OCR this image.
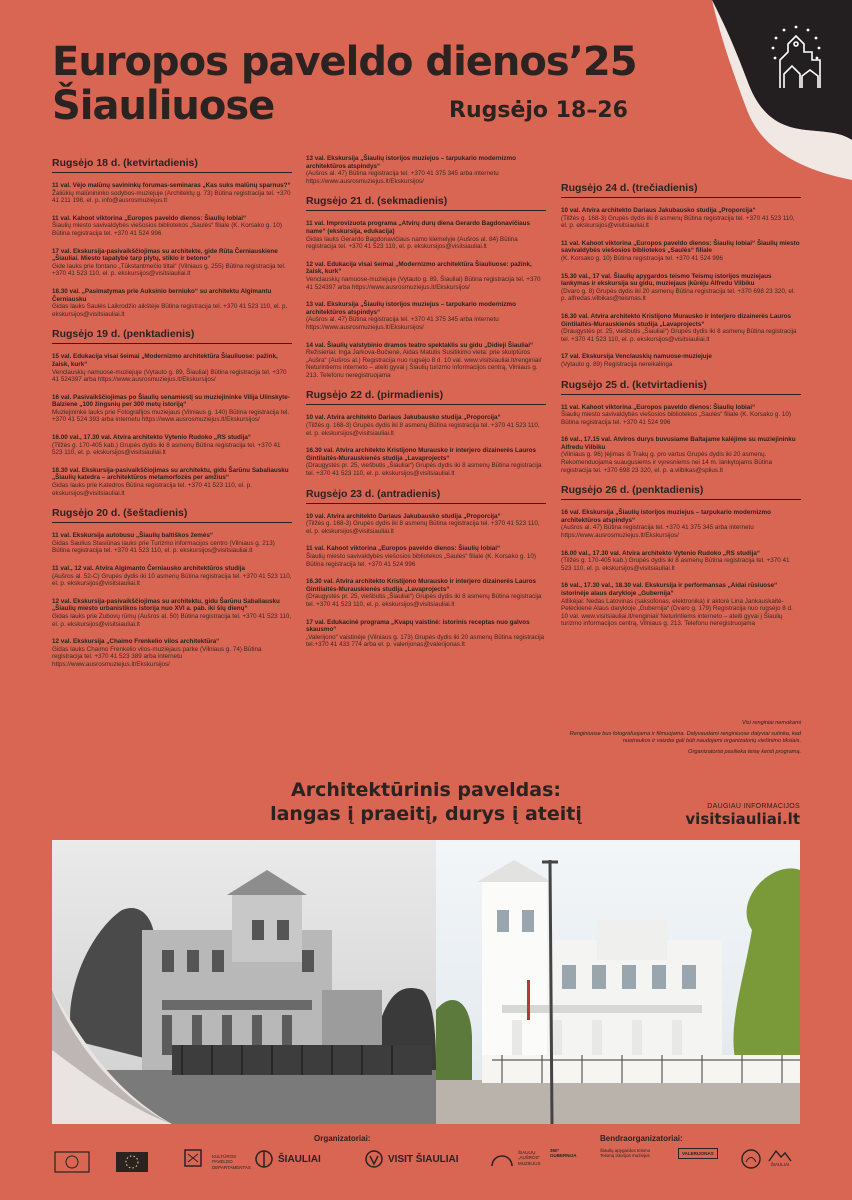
Europos paveldo dienos’25
Šiauliuose	Rugsėjo 18–26
Rugsėjo 18 d. (ketvirtadienis)
11 val. Vėjo malūnų savininkų forumas-seminaras „Kas suks malūnų sparnus?“
Žaliūkių malūnininko sodybos-muziejuje (Architektų g. 73) Būtina registracija tel. +370 41 211 198, el. p. info@ausrosmuziejus.lt
11 val. Kahoot viktorina „Europos paveldo dienos: Šiaulių lobiai“
Šiaulių miesto savivaldybės viešosios bibliotekos „Saulės“ filiale (K. Korsako g. 10) Būtina registracija tel. +370 41 524 996
17 val. Ekskursija-pasivaikščiojimas su architekte, gide Rūta Černiauskiene „Šiauliai. Miesto tapatybė tarp plytų, stiklo ir betono“
Gide lauks prie fontano „Tūkstantmečio tiltai“ (Vilniaus g. 255) Būtina registracija tel. +370 41 523 110, el. p. ekskursijos@visitsiauliai.lt
18.30 val. „Pasimatymas prie Auksinio berniuko“ su architektu Algimantu Černiausku
Gidas lauks Saulės Laikrodžio aikštėje Būtina registracija tel. +370 41 523 110, el. p. ekskursijos@visitsiauliai.lt
Rugsėjo 19 d. (penktadienis)
15 val. Edukacija visai šeimai „Modernizmo architektūra Šiauliuose: pažink, žaisk, kurk“
Venclauskių namuose-muziejuje (Vytauto g. 89, Šiauliai) Būtina registracija tel. +370 41 524397 arba https://www.ausrosmuziejus.lt/Ekskursijos/
16 val. Pasivaikščiojimas po Šiaulių senamiestį su muziejininke Vilija Ulinskyte-Balziene „100 žingsnių per 300 metų istoriją“
Muziejininkė lauks prie Fotografijos muziejaus (Vilniaus g. 140) Būtina registracija tel. +370 41 524 393 arba internetu https://www.ausrosmuziejus.lt/Ekskursijos/
16.00 val., 17.30 val. Atvira architekto Vytenio Rudoko „RS studija“
(Tilžės g. 170-405 kab.) Grupės dydis iki 8 asmenų Būtina registracija tel. +370 41 523 110, el. p. ekskursijos@visitsiauliai.lt
18.30 val. Ekskursija-pasivaikščiojimas su architektu, gidu Šarūnu Sabaliausku „Šiaulių katedra – architektūros metamorfozės per amžius“
Gidas lauks prie Katedros Būtina registracija tel. +370 41 523 110, el. p. ekskursijos@visitsiauliai.lt
Rugsėjo 20 d. (šeštadienis)
11 val. Ekskursija autobusu „Šiaulių baltiškos žemės“
Gidas Saulius Stasiūnas lauks prie Turizmo informacijos centro (Vilniaus g. 213) Būtina registracija tel. +370 41 523 110, el. p. ekskursijos@visitsiauliai.lt
11 val., 12 val. Atvira Algimanto Černiausko architektūros studija
(Aušros al. 52-C) Grupės dydis iki 10 asmenų Būtina registracija tel. +370 41 523 110, el. p. ekskursijos@visitsiauliai.lt
12 val. Ekskursija-pasivaikščiojimas su architektu, gidu Šarūnu Sabaliausku „Šiaulių miesto urbanistikos istorija nuo XVI a. pab. iki šių dienų“
Gidas lauks prie Zubovų rūmų (Aušros al. 50) Būtina registracija tel. +370 41 523 110, el. p. ekskursijos@visitsiauliai.lt
12 val. Ekskursija „Chaimo Frenkelio vilos architektūra“
Gidas lauks Chaimo Frenkelio vilos-muziejaus parke (Vilniaus g. 74) Būtina registracija tel. +370 41 523 389 arba internetu https://www.ausrosmuziejus.lt/Ekskursijos/
13 val. Ekskursija „Šiaulių istorijos muziejus – tarpukario modernizmo architektūros atspindys“
(Aušros al. 47) Būtina registracija tel. +370 41 375 345 arba internetu https://www.ausrosmuziejus.lt/Ekskursijos/
Rugsėjo 21 d. (sekmadienis)
11 val. Improvizuota programa „Atvirų durų diena Gerardo Bagdonavičiaus name“ (ekskursija, edukacija)
Gidas lauks Gerardo Bagdonavičiaus namo kiemelyje (Aušros al. 84) Būtina registracija tel. +370 41 523 110, el. p. ekskursijos@visitsiauliai.lt
12 val. Edukacija visai šeimai „Modernizmo architektūra Šiauliuose: pažink, žaisk, kurk“
Venclauskių namuose-muziejuje (Vytauto g. 89, Šiauliai) Būtina registracija tel. +370 41 524397 arba https://www.ausrosmuziejus.lt/Ekskursijos/
13 val. Ekskursija „Šiaulių istorijos muziejus – tarpukario modernizmo architektūros atspindys“
(Aušros al. 47) Būtina registracija tel. +370 41 375 345 arba internetu https://www.ausrosmuziejus.lt/Ekskursijos/
14 val. Šiaulių valstybinio dramos teatro spektaklis su gidu „Didieji Šiauliai“
Režisieriai: Inga Jarkova-Bučienė, Aidas Matutis Susitikimo vieta: prie skulptūros „Aušra“ (Aušros al.) Registracija nuo rugsėjo 8 d. 10 val. www.visitsiauliai.lt/renginiai/ Neturintiems interneto – ateiti gyvai į Šiaulių turizmo informacijos centrą, Vilniaus g. 213. Telefonu neregistruojama
Rugsėjo 22 d. (pirmadienis)
10 val. Atvira architekto Dariaus Jakubausko studija „Proporcija“
(Tilžės g. 168-3) Grupės dydis iki 8 asmenų Būtina registracija tel. +370 41 523 110, el. p. ekskursijos@visitsiauliai.lt
16.30 val. Atvira architekto Kristijono Murausko ir interjero dizainerės Lauros Gintilaitės-Murauskienės studija „Lavaprojects“
(Draugystės pr. 25, viešbutis „Šiauliai“) Grupės dydis iki 8 asmenų Būtina registracija tel. +370 41 523 110, el. p. ekskursijos@visitsiauliai.lt
Rugsėjo 23 d. (antradienis)
10 val. Atvira architekto Dariaus Jakubausko studija „Proporcija“
(Tilžės g. 168-3) Grupės dydis iki 8 asmenų Būtina registracija tel. +370 41 523 110, el. p. ekskursijos@visitsiauliai.lt
11 val. Kahoot viktorina „Europos paveldo dienos: Šiaulių lobiai“
Šiaulių miesto savivaldybės viešosios bibliotekos „Saulės“ filiale (K. Korsako g. 10) Būtina registracija tel. +370 41 524 996
16.30 val. Atvira architekto Kristijono Murausko ir interjero dizainerės Lauros Gintilaitės-Murauskienės studija „Lavaprojects“
(Draugystės pr. 25, viešbutis „Šiauliai“) Grupės dydis iki 8 asmenų Būtina registracija tel. +370 41 523 110, el. p. ekskursijos@visitsiauliai.lt
17 val. Edukacinė programa „Kvapų vaistinė: istorinis receptas nuo galvos skausmo“
„Valerijono“ vaistinėje (Vilniaus g. 173) Grupės dydis iki 20 asmenų Būtina registracija tel.+370 41 433 774 arba el. p. valerijonas@valerijonas.lt
Rugsėjo 24 d. (trečiadienis)
10 val. Atvira architekto Dariaus Jakubausko studija „Proporcija“
(Tilžės g. 168-3) Grupės dydis iki 8 asmenų Būtina registracija tel. +370 41 523 110, el. p. ekskursijos@visitsiauliai.lt
11 val. Kahoot viktorina „Europos paveldo dienos: Šiaulių lobiai“ Šiaulių miesto savivaldybės viešosios bibliotekos „Saulės“ filiale
(K. Korsako g. 10) Būtina registracija tel. +370 41 524 996
15.30 val., 17 val. Šiaulių apygardos teismo Teismų istorijos muziejaus lankymas ir ekskursija su gidu, muziejaus įkūrėju Alfredu Vilbiku
(Dvaro g. 8) Grupės dydis iki 20 asmenų Būtina registracija tel. +370 698 23 320, el. p. alfredas.vilbikas@teismas.lt
16.30 val. Atvira architekto Kristijono Murausko ir interjero dizainerės Lauros Gintilaitės-Murauskienės studija „Lavaprojects“
(Draugystės pr. 25, viešbutis „Šiauliai“) Grupės dydis iki 8 asmenų Būtina registracija tel. +370 41 523 110, el. p. ekskursijos@visitsiauliai.lt
17 val. Ekskursija Venclauskių namuose-muziejuje
(Vytauto g. 89) Registracija nereikalinga
Rugsėjo 25 d. (ketvirtadienis)
11 val. Kahoot viktorina „Europos paveldo dienos: Šiaulių lobiai“
Šiaulių miesto savivaldybės viešosios bibliotekos „Saulės“ filiale (K. Korsako g. 10) Būtina registracija tel. +370 41 524 996
16 val., 17.15 val. Atviros durys buvusiame Baltajame kalėjime su muziejininku Alfredu Vilbiku
(Vilniaus g. 96) Įėjimas iš Trakų g. pro vartus Grupės dydis iki 20 asmenų. Rekomenduojama suaugusiems ir vyresniems nei 14 m. lankytojams Būtina registracija tel. +370 698 23 320, el. p. a.vilbikas@splius.lt
Rugsėjo 26 d. (penktadienis)
16 val. Ekskursija „Šiaulių istorijos muziejus – tarpukario modernizmo architektūros atspindys“
(Aušros al. 47) Būtina registracija tel. +370 41 375 345 arba internetu https://www.ausrosmuziejus.lt/Ekskursijos/
16.00 val., 17.30 val. Atvira architekto Vytenio Rudoko „RS studija“
(Tilžės g. 170-405 kab.) Grupės dydis iki 8 asmenų Būtina registracija tel. +370 41 523 110, el. p. ekskursijos@visitsiauliai.lt
16 val., 17.30 val., 18.30 val. Ekskursija ir performansas „Aidai rūsiuose“ istorinėje alaus darykloje „Gubernija“
Atlikėjai: Nedas Latovinas (saksofonas, elektronika) ir aktorė Lina Jankauskaitė-Pelėckienė Alaus darykloje „Gubernija“ (Dvaro g. 179) Registracija nuo rugsėjo 8 d. 10 val. www.visitsiauliai.lt/renginiai/ Neturintiems interneto – ateiti gyvai į Šiaulių turizmo informacijos centrą, Vilniaus g. 213. Telefonu neregistruojama

Visi renginiai nemokami

Renginiuose bus fotografuojama ir filmuojama. Dalyvaudami renginiuose dalyviai sutinka, kad nuotraukos ir vaizdai gali būti naudojami organizatorių viešinimo tikslais.

Organizatoriai pasilieka teisę keisti programą.

Architektūrinis paveldas:
langas į praeitį, durys į ateitį	DAUGIAU INFORMACIJOS
visitsiauliai.lt
Organizatoriai:	Bendraorganizatoriai:
KULTŪROS PAVELDO DEPARTAMENTAS
ŠIAULIAI	VISIT ŠIAULIAI
ŠIAULIŲ „AUŠROS“ MUZIEJUS
360° GUBERNIJA
Šiaulių apygardos teismo Teismų istorijos muziejus	VALERIJONAS
ŠIAULIAI
